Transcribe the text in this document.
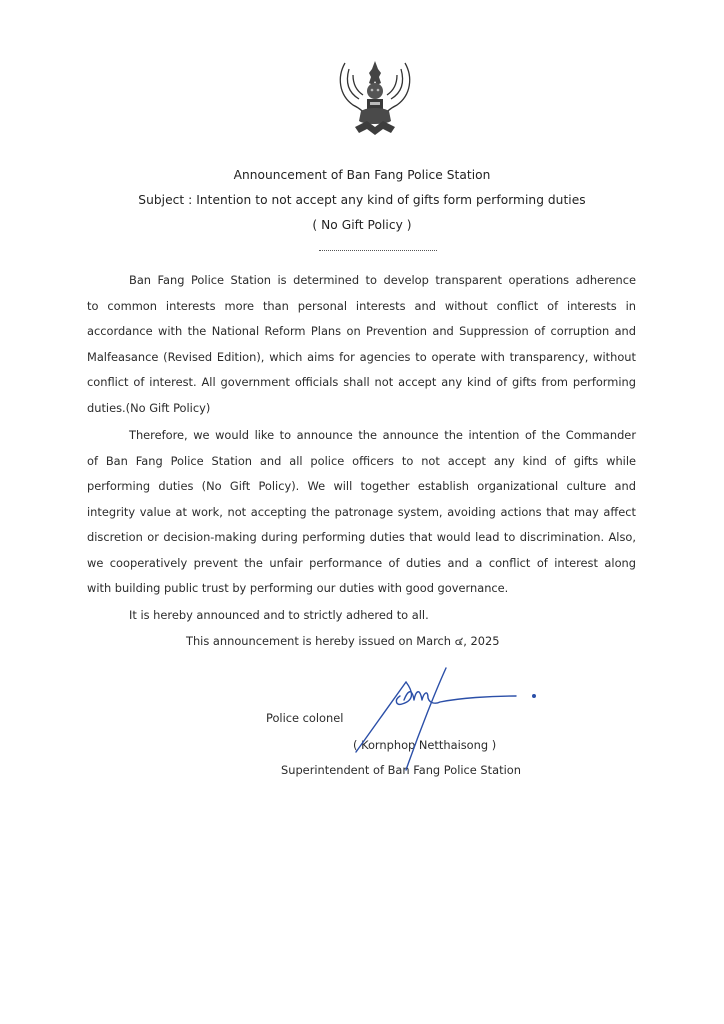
Announcement of Ban Fang Police Station
Subject : Intention to not accept any kind of gifts form performing duties
( No Gift Policy )
Ban Fang Police Station is determined to develop transparent operations adherence
to common interests more than personal interests and without conflict of interests in
accordance with the National Reform Plans on Prevention and Suppression of corruption and
Malfeasance (Revised Edition), which aims for agencies to operate with transparency, without
conflict of interest. All government officials shall not accept any kind of gifts from performing
duties.(No Gift Policy)
Therefore, we would like to announce the announce the intention of the Commander
of Ban Fang Police Station and all police officers to not accept any kind of gifts while
performing duties (No Gift Policy). We will together establish organizational culture and
integrity value at work, not accepting the patronage system, avoiding actions that may affect
discretion or decision-making during performing duties that would lead to discrimination. Also,
we cooperatively prevent the unfair performance of duties and a conflict of interest along
with building public trust by performing our duties with good governance.
It is hereby announced and to strictly adhered to all.
This announcement is hereby issued on March ๔, 2025
Police colonel
( Kornphop Netthaisong )
Superintendent of Ban Fang Police Station
